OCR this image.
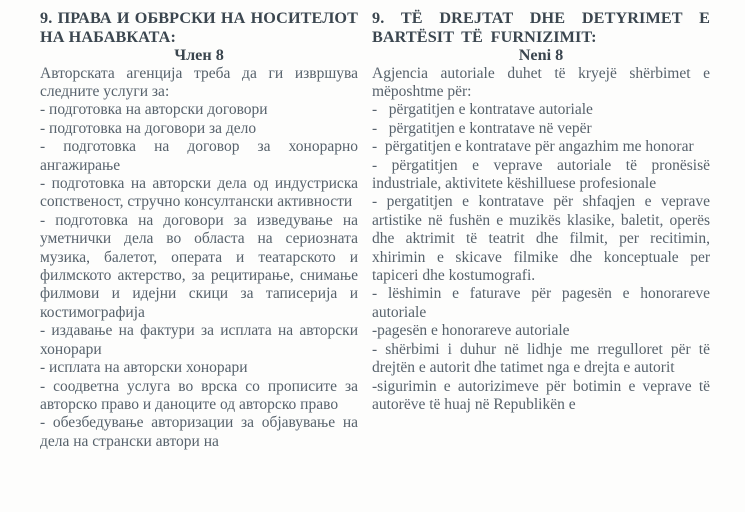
9. ПРАВА И ОБВРСКИ НА НОСИТЕЛОТ НА НАБАВКАТА:
Член 8

Авторската агенција треба да ги извршува следните услуги за:

- подготовка на авторски договори

- подготовка на договори за дело

- подготовка на договор за хонорарно ангажирање

- подготовка на авторски дела од индустриска сопственост, стручно консултански активности

- подготовка на договори за изведување на уметнички дела во областа на сериозната музика, балетот, операта и театарското и филмското актерство, за рецитирање, снимање филмови и идејни скици за таписерија и костимографија

- издавање на фактури за исплата на авторски хонорари

- исплата на авторски хонорари

- соодветна услуга во врска со прописите за авторско право и даноците од авторско право

- обезбедување авторизации за објавување на дела на странски автори на

9. TË DREJTAT DHE DETYRIMET E BARTËSIT TË FURNIZIMIT:
Neni 8

Agjencia autoriale duhet të kryejë shërbimet e mëposhtme për:

-   përgatitjen e kontratave autoriale

-   përgatitjen e kontratave në vepër

-  përgatitjen e kontratave për angazhim me honorar

- përgatitjen e veprave autoriale të pronësisë industriale, aktivitete këshilluese profesionale

- pergatitjen e kontratave për shfaqjen e veprave artistike në fushën e muzikës klasike, baletit, operës dhe aktrimit të teatrit dhe filmit, per recitimin, xhirimin e skicave filmike dhe konceptuale per tapiceri dhe kostumografi.

- lëshimin e faturave për pagesën e honorareve autoriale

-pagesën e honorareve autoriale

- shërbimi i duhur në lidhje me rregulloret për të drejtën e autorit dhe tatimet nga e drejta e autorit

-sigurimin e autorizimeve për botimin e veprave të autorëve të huaj në Republikën e
